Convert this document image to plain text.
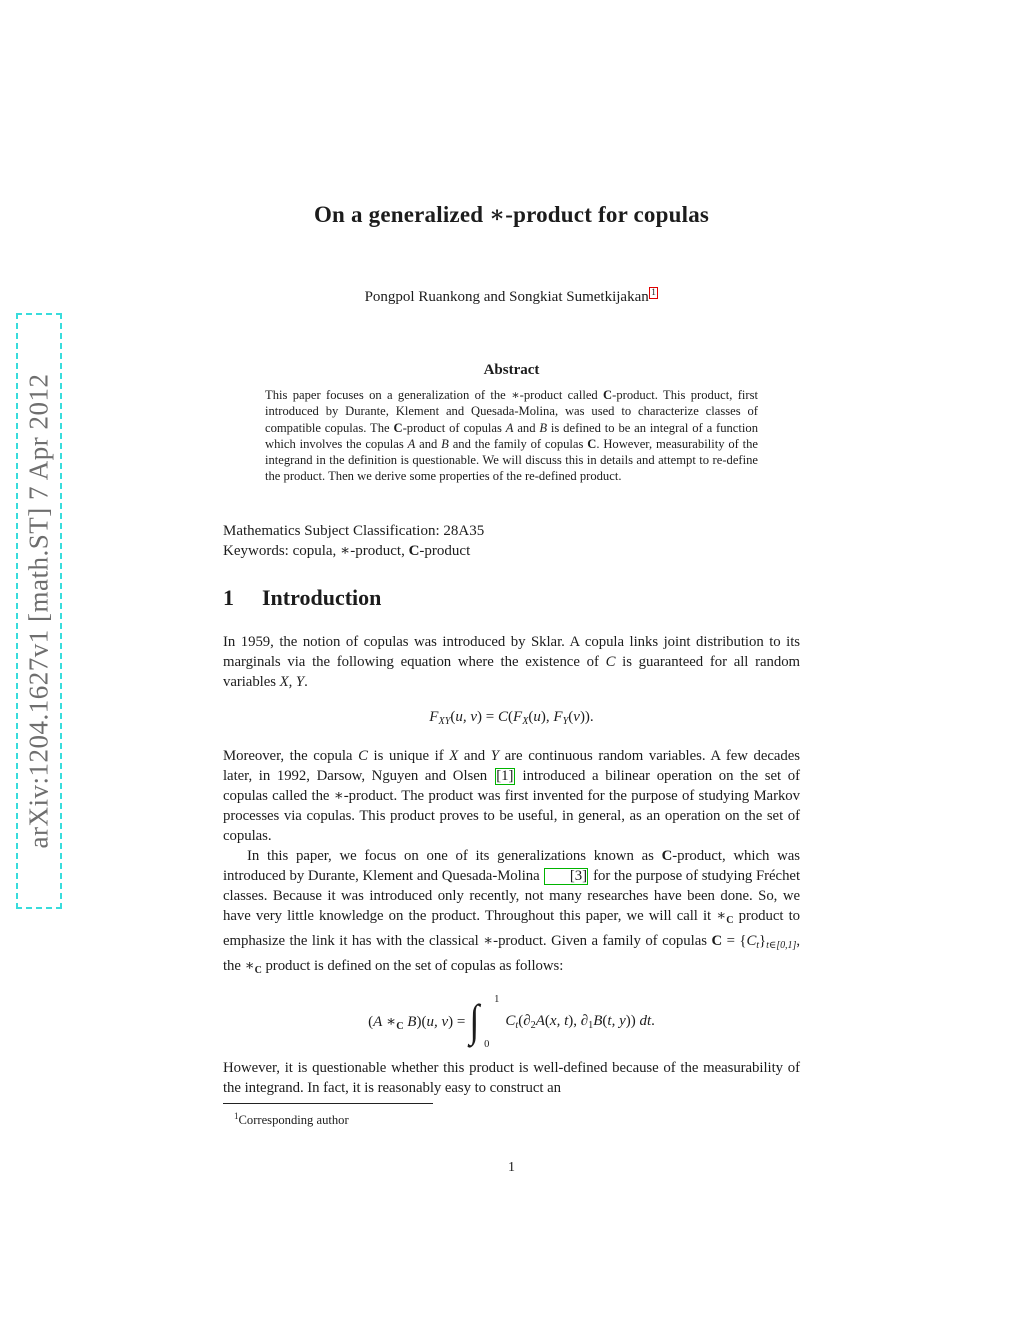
arXiv:1204.1627v1 [math.ST] 7 Apr 2012
On a generalized ∗-product for copulas
Pongpol Ruankong and Songkiat Sumetkijakan 1
Abstract
This paper focuses on a generalization of the ∗-product called C-product. This product, first introduced by Durante, Klement and Quesada-Molina, was used to characterize classes of compatible copulas. The C-product of copulas A and B is defined to be an integral of a function which involves the copulas A and B and the family of copulas C. However, measurability of the integrand in the definition is questionable. We will discuss this in details and attempt to re-define the product. Then we derive some properties of the re-defined product.
Mathematics Subject Classification: 28A35
Keywords: copula, ∗-product, C-product
1 Introduction

In 1959, the notion of copulas was introduced by Sklar. A copula links joint distribution to its marginals via the following equation where the existence of C is guaranteed for all random variables X, Y.

$F_{XY}(u$, $v) = C(F_X(u)$, $F_Y(v)$).

Moreover, the copula C is unique if X and Y are continuous random variables. A few decades later, in 1992, Darsow, Nguyen and Olsen [1] introduced a bilinear operation on the set of copulas called the ∗-product. The product was first invented for the purpose of studying Markov processes via copulas. This product proves to be useful, in general, as an operation on the set of copulas.

In this paper, we focus on one of its generalizations known as C-product, which was introduced by Durante, Klement and Quesada-Molina [3] for the purpose of studying Fréchet classes. Because it was introduced only recently, not many researches have been done. So, we have very little knowledge on the product. Throughout this paper, we will call it $∗_C$ product to emphasize the link it has with the classical ∗-product. Given a family of copulas $C = \{C_t\}_{t\in[0,1]}$, the $∗_C$ product is defined on the set of copulas as follows:

(A $∗_C$ B)(u, v) = ∫ 1
0
$C_t(\partial_2A(x$, t), $\partial_1B(t$, y)) dt.

However, it is questionable whether this product is well-defined because of the measurability of the integrand. In fact, it is reasonably easy to construct an

$^1$Corresponding author
1
